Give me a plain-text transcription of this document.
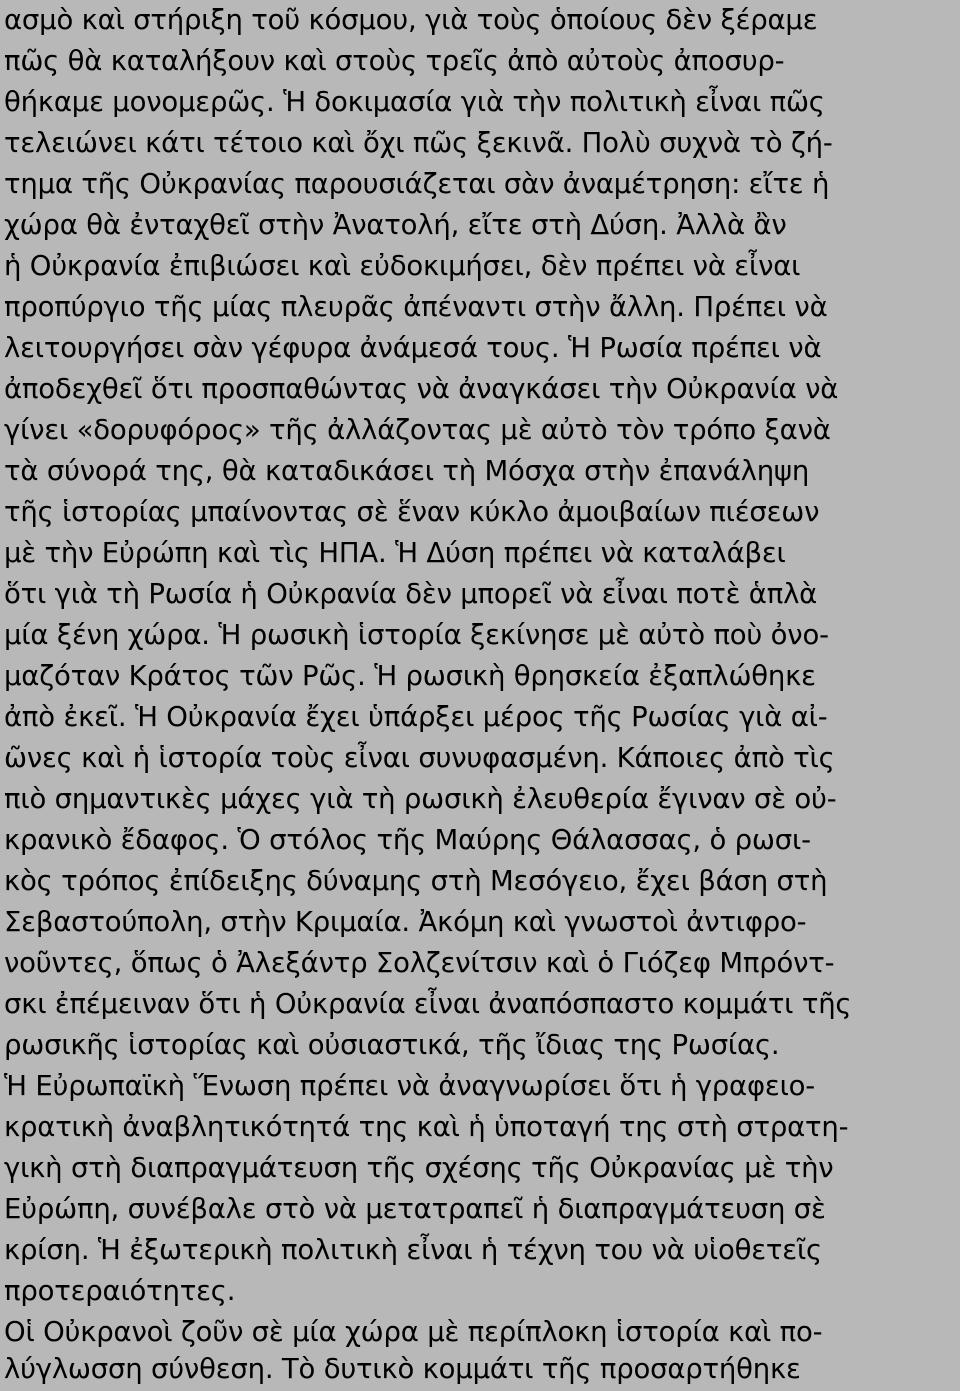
ασμὸ καὶ στήριξη τοῦ κόσμου, γιὰ τοὺς ὁποίους δὲν ξέραμε
πῶς θὰ καταλήξουν καὶ στοὺς τρεῖς ἀπὸ αὐτοὺς ἀποσυρ-
θήκαμε μονομερῶς. Ἡ δοκιμασία γιὰ τὴν πολιτικὴ εἶναι πῶς
τελειώνει κάτι τέτοιο καὶ ὄχι πῶς ξεκινᾶ. Πολὺ συχνὰ τὸ ζή-
τημα τῆς Οὐκρανίας παρουσιάζεται σὰν ἀναμέτρηση: εἴτε ἡ
χώρα θὰ ἐνταχθεῖ στὴν Ἀνατολή, εἴτε στὴ Δύση. Ἀλλὰ ἂν
ἡ Οὐκρανία ἐπιβιώσει καὶ εὐδοκιμήσει, δὲν πρέπει νὰ εἶναι
προπύργιο τῆς μίας πλευρᾶς ἀπέναντι στὴν ἄλλη. Πρέπει νὰ
λειτουργήσει σὰν γέφυρα ἀνάμεσά τους. Ἡ Ρωσία πρέπει νὰ
ἀποδεχθεῖ ὅτι προσπαθώντας νὰ ἀναγκάσει τὴν Οὐκρανία νὰ
γίνει «δορυφόρος» τῆς ἀλλάζοντας μὲ αὐτὸ τὸν τρόπο ξανὰ
τὰ σύνορά της, θὰ καταδικάσει τὴ Μόσχα στὴν ἐπανάληψη
τῆς ἱστορίας μπαίνοντας σὲ ἕναν κύκλο ἀμοιβαίων πιέσεων
μὲ τὴν Εὐρώπη καὶ τὶς ΗΠΑ. Ἡ Δύση πρέπει νὰ καταλάβει
ὅτι γιὰ τὴ Ρωσία ἡ Οὐκρανία δὲν μπορεῖ νὰ εἶναι ποτὲ ἁπλὰ
μία ξένη χώρα. Ἡ ρωσικὴ ἱστορία ξεκίνησε μὲ αὐτὸ ποὺ ὀνο-
μαζόταν Κράτος τῶν Ρῶς. Ἡ ρωσικὴ θρησκεία ἐξαπλώθηκε
ἀπὸ ἐκεῖ. Ἡ Οὐκρανία ἔχει ὑπάρξει μέρος τῆς Ρωσίας γιὰ αἰ-
ῶνες καὶ ἡ ἱστορία τοὺς εἶναι συνυφασμένη. Κάποιες ἀπὸ τὶς
πιὸ σημαντικὲς μάχες γιὰ τὴ ρωσικὴ ἐλευθερία ἔγιναν σὲ οὐ-
κρανικὸ ἔδαφος. Ὁ στόλος τῆς Μαύρης Θάλασσας, ὁ ρωσι-
κὸς τρόπος ἐπίδειξης δύναμης στὴ Μεσόγειο, ἔχει βάση στὴ
Σεβαστούπολη, στὴν Κριμαία. Ἀκόμη καὶ γνωστοὶ ἀντιφρο-
νοῦντες, ὅπως ὁ Ἀλεξάντρ Σολζενίτσιν καὶ ὁ Γιόζεφ Μπρόντ-
σκι ἐπέμειναν ὅτι ἡ Οὐκρανία εἶναι ἀναπόσπαστο κομμάτι τῆς
ρωσικῆς ἱστορίας καὶ οὐσιαστικά, τῆς ἴδιας της Ρωσίας.
Ἡ Εὐρωπαϊκὴ Ἕνωση πρέπει νὰ ἀναγνωρίσει ὅτι ἡ γραφειο-
κρατικὴ ἀναβλητικότητά της καὶ ἡ ὑποταγή της στὴ στρατη-
γικὴ στὴ διαπραγμάτευση τῆς σχέσης τῆς Οὐκρανίας μὲ τὴν
Εὐρώπη, συνέβαλε στὸ νὰ μετατραπεῖ ἡ διαπραγμάτευση σὲ
κρίση. Ἡ ἐξωτερικὴ πολιτικὴ εἶναι ἡ τέχνη του νὰ υἱοθετεῖς
προτεραιότητες.
Οἱ Οὐκρανοὶ ζοῦν σὲ μία χώρα μὲ περίπλοκη ἱστορία καὶ πο-
λύγλωσση σύνθεση. Τὸ δυτικὸ κομμάτι τῆς προσαρτήθηκε
